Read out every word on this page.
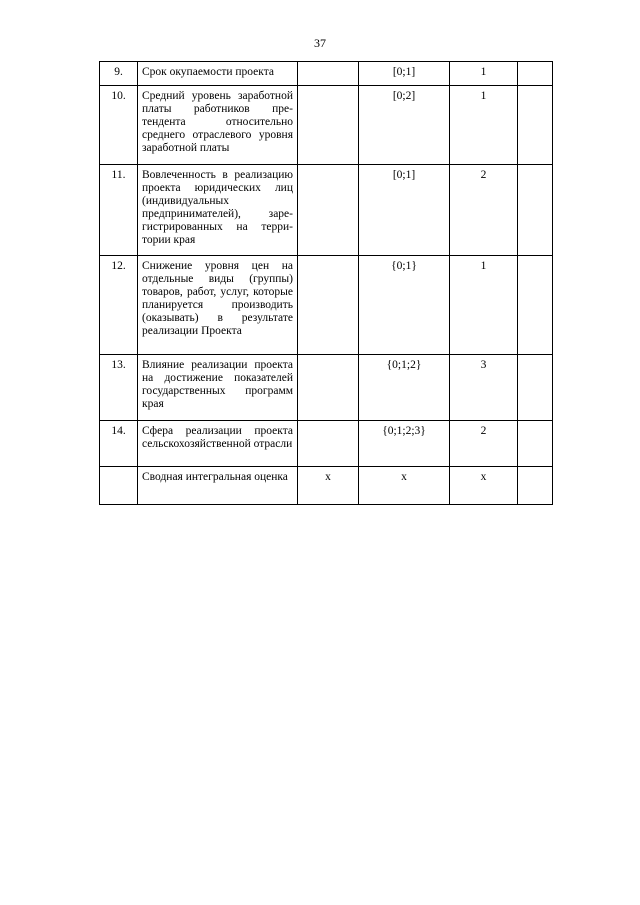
37
9.	Срок окупаемости проекта		[0;1]	1	
10.	Средний уровень заработной платы работников претендента относительно среднего отраслевого уровня заработной платы		[0;2]	1	
11.	Вовлеченность в реализацию проекта юридических лиц (индивидуальных предпринимателей), зарегистрированных на территории края		[0;1]	2	
12.	Снижение уровня цен на отдельные виды (группы) товаров, работ, услуг, которые планируется производить (оказывать) в результате реализации Проекта		{0;1}	1	
13.	Влияние реализации проекта на достижение показателей государственных программ края		{0;1;2}	3	
14.	Сфера реализации проекта сельскохозяйственной отрасли		{0;1;2;3}	2	
	Сводная интегральная оценка	x	x	x	
